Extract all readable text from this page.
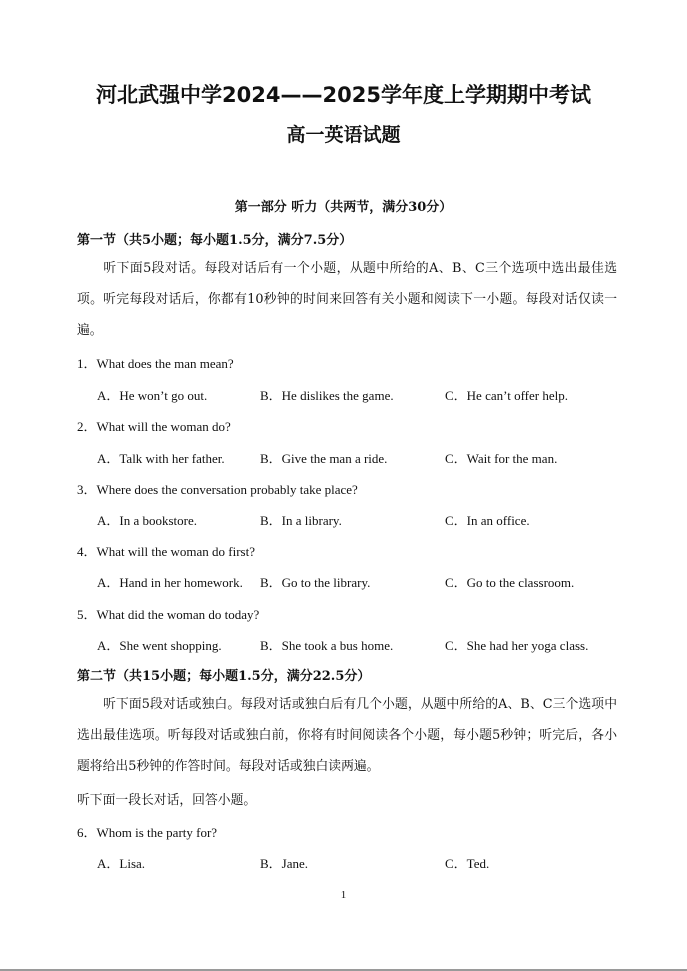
河北武强中学2024——2025学年度上学期期中考试
高一英语试题
第一部分 听力（共两节，满分30分）
第一节（共5小题；每小题1.5分，满分7.5分）
听下面5段对话。每段对话后有一个小题，从题中所给的A、B、C三个选项中选出最佳选项。听完每段对话后，你都有10秒钟的时间来回答有关小题和阅读下一小题。每段对话仅读一遍。
1．What does the man mean?
A．He won’t go out.	B．He dislikes the game.	C．He can’t offer help.
2．What will the woman do?
A．Talk with her father.	B．Give the man a ride.	C．Wait for the man.
3．Where does the conversation probably take place?
A．In a bookstore.	B．In a library.	C．In an office.
4．What will the woman do first?
A．Hand in her homework. B．Go to the library.	C．Go to the classroom.
5．What did the woman do today?
A．She went shopping.	B．She took a bus home.	C．She had her yoga class.
第二节（共15小题；每小题1.5分，满分22.5分）
听下面5段对话或独白。每段对话或独白后有几个小题，从题中所给的A、B、C三个选项中选出最佳选项。听每段对话或独白前，你将有时间阅读各个小题，每小题5秒钟；听完后，各小题将给出5秒钟的作答时间。每段对话或独白读两遍。
听下面一段长对话，回答小题。
6．Whom is the party for?
A．Lisa.	B．Jane.	C．Ted.
1
